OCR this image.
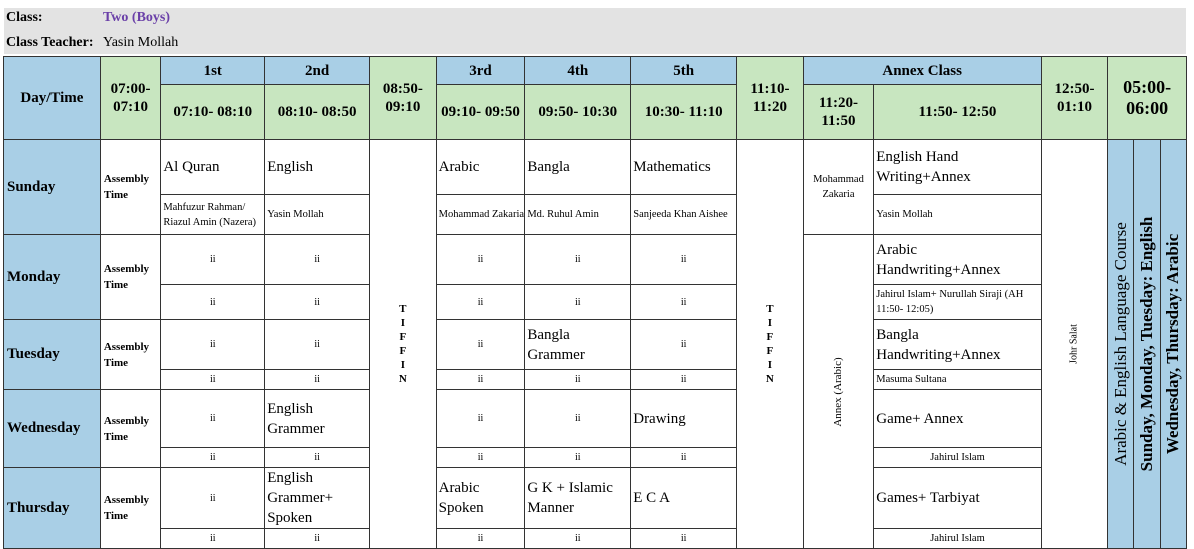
Class:	Two (Boys)
Class Teacher: Yasin Mollah
Day/Time	07:00- 07:10	1st	2nd	08:50- 09:10	3rd	4th	5th	11:10- 11:20	Annex Class		12:50- 01:10	05:00- 06:00		
		07:10- 08:10	08:10- 08:50		09:10- 09:50	09:50- 10:30	10:30- 11:10		11:20- 11:50	11:50- 12:50				
Sunday	Assembly Time	Al Quran	English	TIFFIN	Arabic	Bangla	Mathematics	TIFFIN	Mohammad Zakaria	English Hand Writing+Annex	Johr Salat	Arabic & English Language Course	Sunday, Monday, Tuesday: English	Wednesday, Thursday: Arabic

		Mahfuzur Rahman/ Riazul Amin (Nazera)	Yasin Mollah		Mohammad Zakaria	Md. Ruhul Amin	Sanjeeda Khan Aishee			Yasin Mollah				
Monday	Assembly Time	ii	ii		ii	ii	ii		Annex (Arabic)	Arabic Handwriting+Annex				
		ii	ii		ii	ii	ii			Jahirul Islam+ Nurullah Siraji (AH 11:50- 12:05)				
Tuesday	Assembly Time	ii	ii		ii	Bangla Grammer	ii			Bangla Handwriting+Annex				
		ii	ii		ii	ii	ii			Masuma Sultana				
Wednesday	Assembly Time	ii	English Grammer		ii	ii	Drawing			Game+ Annex				
		ii	ii		ii	ii	ii			Jahirul Islam				
Thursday	Assembly Time	ii	English Grammer+ Spoken		Arabic Spoken	G K + Islamic Manner	E C A			Games+ Tarbiyat				
		ii	ii		ii	ii	ii			Jahirul Islam				
